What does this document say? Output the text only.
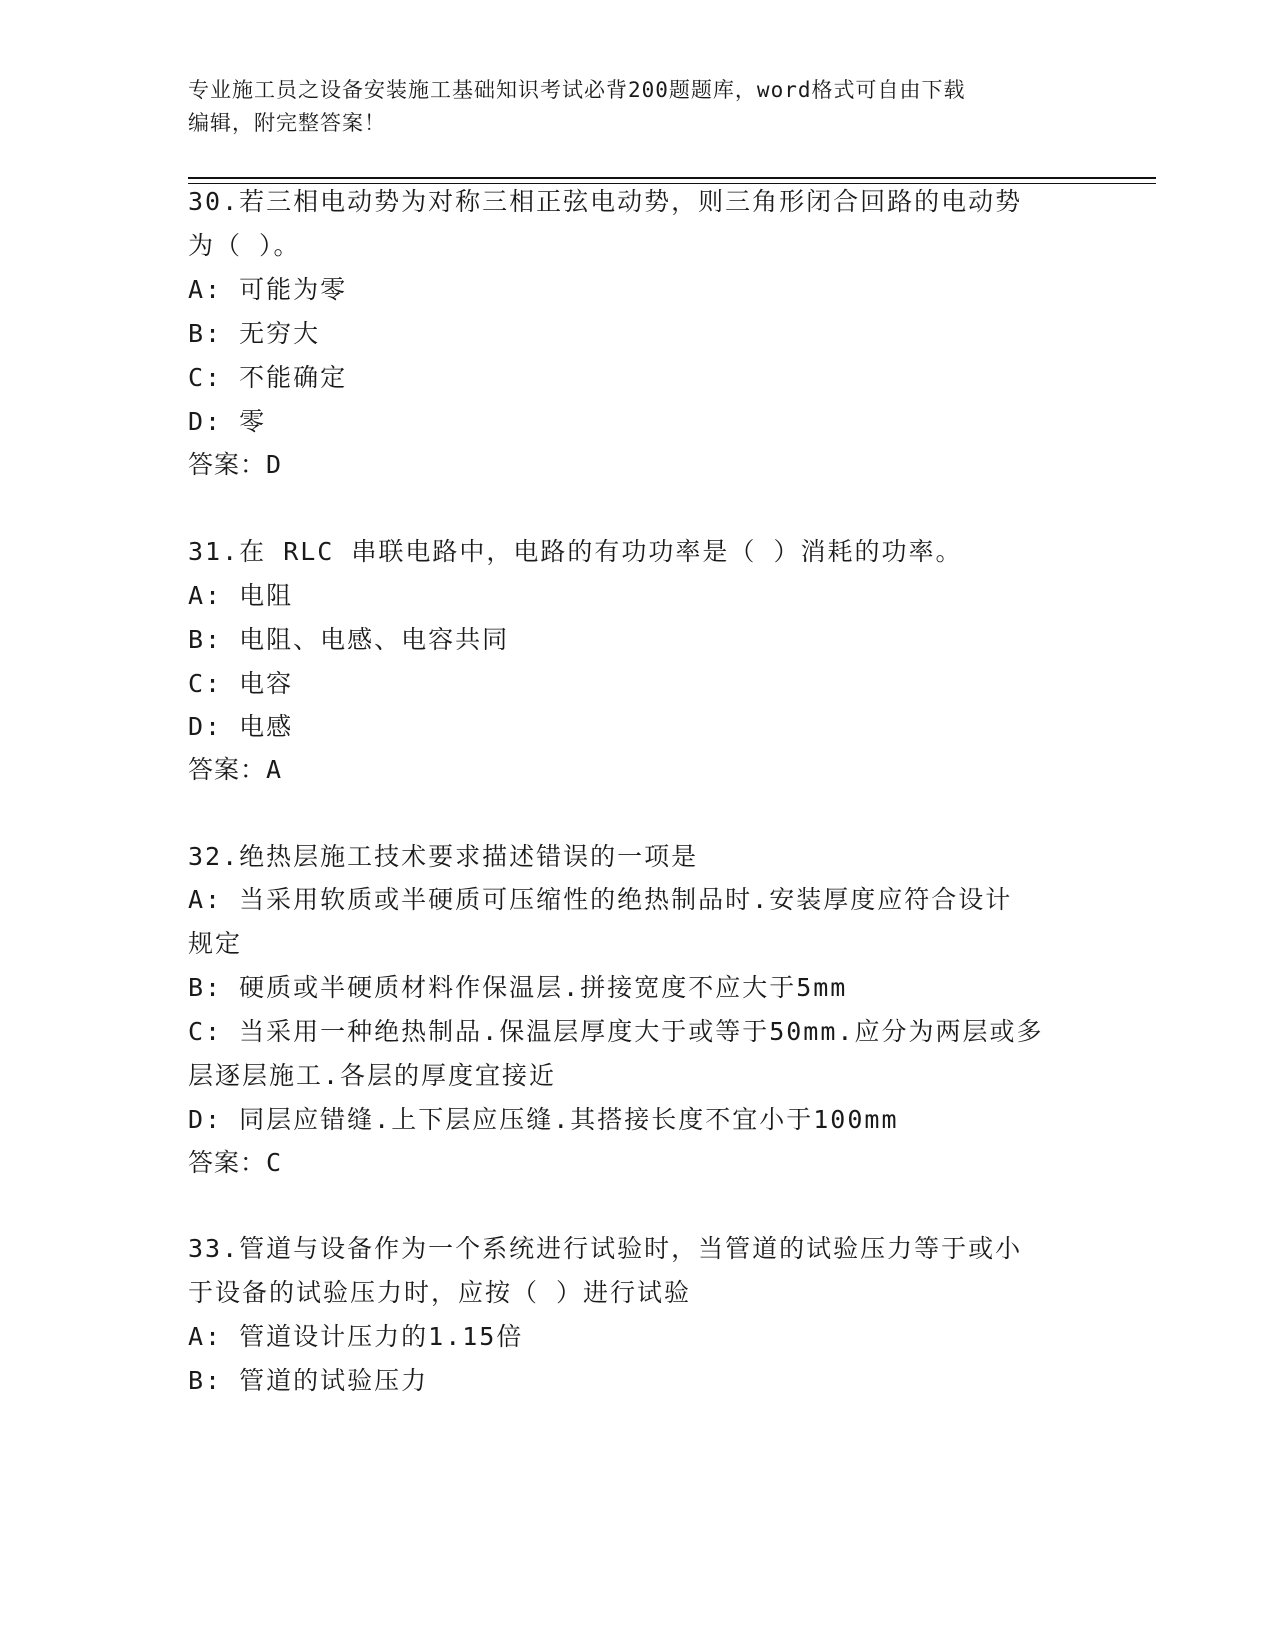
专业施工员之设备安装施工基础知识考试必背200题题库，word格式可自由下载
编辑，附完整答案！
30.若三相电动势为对称三相正弦电动势，则三角形闭合回路的电动势
为（ ）。
A: 可能为零
B: 无穷大
C: 不能确定
D: 零
答案：D
31.在 RLC 串联电路中，电路的有功功率是（ ）消耗的功率。
A: 电阻
B: 电阻、电感、电容共同
C: 电容
D: 电感
答案：A
32.绝热层施工技术要求描述错误的一项是
A: 当采用软质或半硬质可压缩性的绝热制品时.安装厚度应符合设计
规定
B: 硬质或半硬质材料作保温层.拼接宽度不应大于5mm
C: 当采用一种绝热制品.保温层厚度大于或等于50mm.应分为两层或多
层逐层施工.各层的厚度宜接近
D: 同层应错缝.上下层应压缝.其搭接长度不宜小于100mm
答案：C
33.管道与设备作为一个系统进行试验时，当管道的试验压力等于或小
于设备的试验压力时，应按（ ）进行试验
A: 管道设计压力的1.15倍
B: 管道的试验压力
